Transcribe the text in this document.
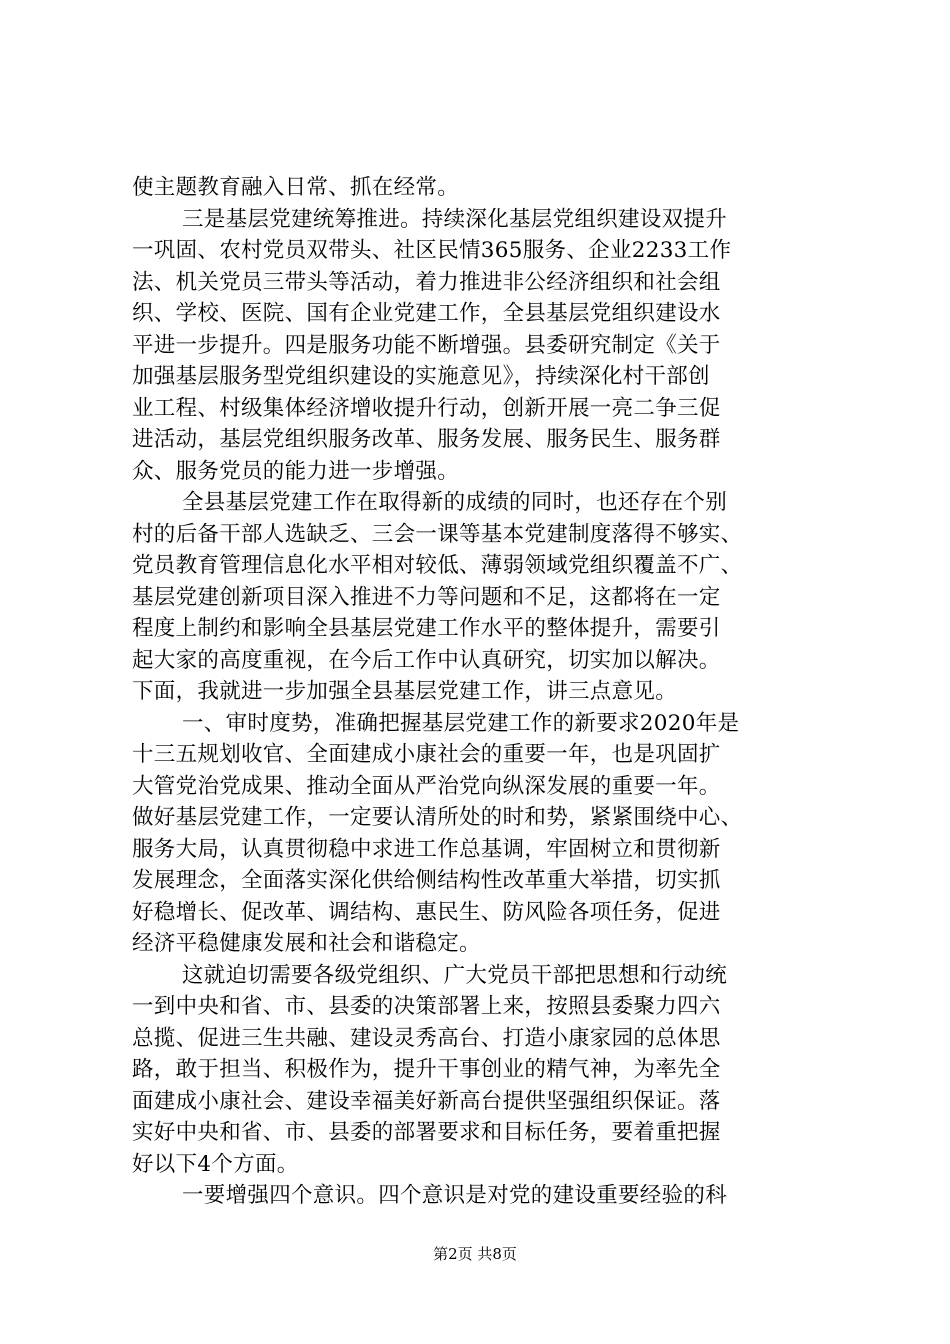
使主题教育融入日常、抓在经常。
三是基层党建统筹推进。持续深化基层党组织建设双提升
一巩固、农村党员双带头、社区民情365服务、企业2233工作
法、机关党员三带头等活动，着力推进非公经济组织和社会组
织、学校、医院、国有企业党建工作，全县基层党组织建设水
平进一步提升。四是服务功能不断增强。县委研究制定《关于
加强基层服务型党组织建设的实施意见》，持续深化村干部创
业工程、村级集体经济增收提升行动，创新开展一亮二争三促
进活动，基层党组织服务改革、服务发展、服务民生、服务群
众、服务党员的能力进一步增强。
全县基层党建工作在取得新的成绩的同时，也还存在个别
村的后备干部人选缺乏、三会一课等基本党建制度落得不够实、
党员教育管理信息化水平相对较低、薄弱领域党组织覆盖不广、
基层党建创新项目深入推进不力等问题和不足，这都将在一定
程度上制约和影响全县基层党建工作水平的整体提升，需要引
起大家的高度重视，在今后工作中认真研究，切实加以解决。
下面，我就进一步加强全县基层党建工作，讲三点意见。
一、审时度势，准确把握基层党建工作的新要求2020年是
十三五规划收官、全面建成小康社会的重要一年，也是巩固扩
大管党治党成果、推动全面从严治党向纵深发展的重要一年。
做好基层党建工作，一定要认清所处的时和势，紧紧围绕中心、
服务大局，认真贯彻稳中求进工作总基调，牢固树立和贯彻新
发展理念，全面落实深化供给侧结构性改革重大举措，切实抓
好稳增长、促改革、调结构、惠民生、防风险各项任务，促进
经济平稳健康发展和社会和谐稳定。
这就迫切需要各级党组织、广大党员干部把思想和行动统
一到中央和省、市、县委的决策部署上来，按照县委聚力四六
总揽、促进三生共融、建设灵秀高台、打造小康家园的总体思
路，敢于担当、积极作为，提升干事创业的精气神，为率先全
面建成小康社会、建设幸福美好新高台提供坚强组织保证。落
实好中央和省、市、县委的部署要求和目标任务，要着重把握
好以下4个方面。
一要增强四个意识。四个意识是对党的建设重要经验的科
第2页 共8页
